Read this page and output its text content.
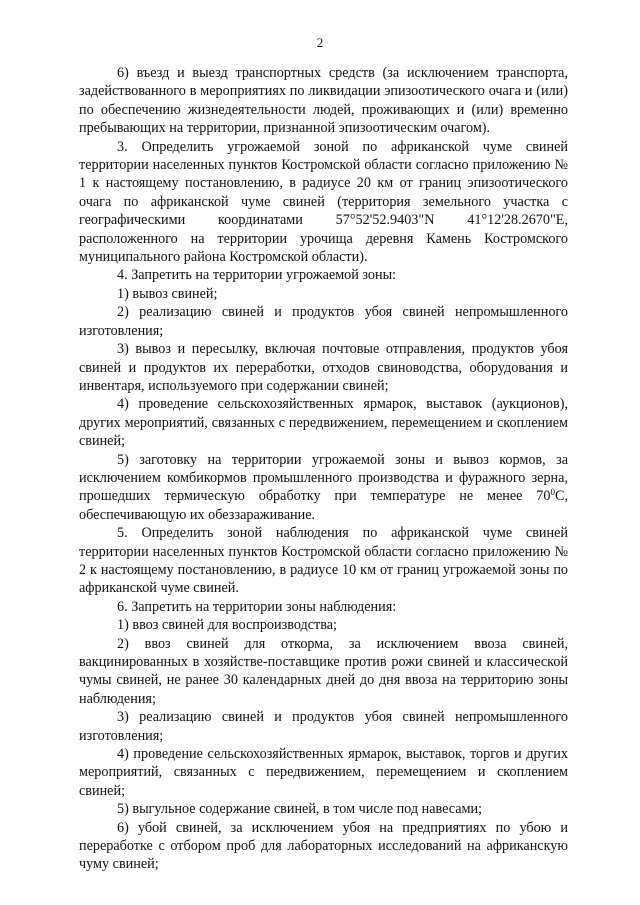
2

6) въезд и выезд транспортных средств (за исключением транспорта, задействованного в мероприятиях по ликвидации эпизоотического очага и (или) по обеспечению жизнедеятельности людей, проживающих и (или) временно пребывающих на территории, признанной эпизоотическим очагом).

3. Определить угрожаемой зоной по африканской чуме свиней территории населенных пунктов Костромской области согласно приложению № 1 к настоящему постановлению, в радиусе 20 км от границ эпизоотического очага по африканской чуме свиней (территория земельного участка с географическими координатами 57°52'52.9403"N 41°12'28.2670"E, расположенного на территории урочища деревня Камень Костромского муниципального района Костромской области).

4. Запретить на территории угрожаемой зоны:

1) вывоз свиней;

2) реализацию свиней и продуктов убоя свиней непромышленного изготовления;

3) вывоз и пересылку, включая почтовые отправления, продуктов убоя свиней и продуктов их переработки, отходов свиноводства, оборудования и инвентаря, используемого при содержании свиней;

4) проведение сельскохозяйственных ярмарок, выставок (аукционов), других мероприятий, связанных с передвижением, перемещением и скоплением свиней;

5) заготовку на территории угрожаемой зоны и вывоз кормов, за исключением комбикормов промышленного производства и фуражного зерна, прошедших термическую обработку при температуре не менее $70^0С$, обеспечивающую их обеззараживание.

5. Определить зоной наблюдения по африканской чуме свиней территории населенных пунктов Костромской области согласно приложению № 2 к настоящему постановлению, в радиусе 10 км от границ угрожаемой зоны по африканской чуме свиней.

6. Запретить на территории зоны наблюдения:

1) ввоз свиней для воспроизводства;

2) ввоз свиней для откорма, за исключением ввоза свиней, вакцинированных в хозяйстве-поставщике против рожи свиней и классической чумы свиней, не ранее 30 календарных дней до дня ввоза на территорию зоны наблюдения;

3) реализацию свиней и продуктов убоя свиней непромышленного изготовления;

4) проведение сельскохозяйственных ярмарок, выставок, торгов и других мероприятий, связанных с передвижением, перемещением и скоплением свиней;

5) выгульное содержание свиней, в том числе под навесами;

6) убой свиней, за исключением убоя на предприятиях по убою и переработке с отбором проб для лабораторных исследований на африканскую чуму свиней;
